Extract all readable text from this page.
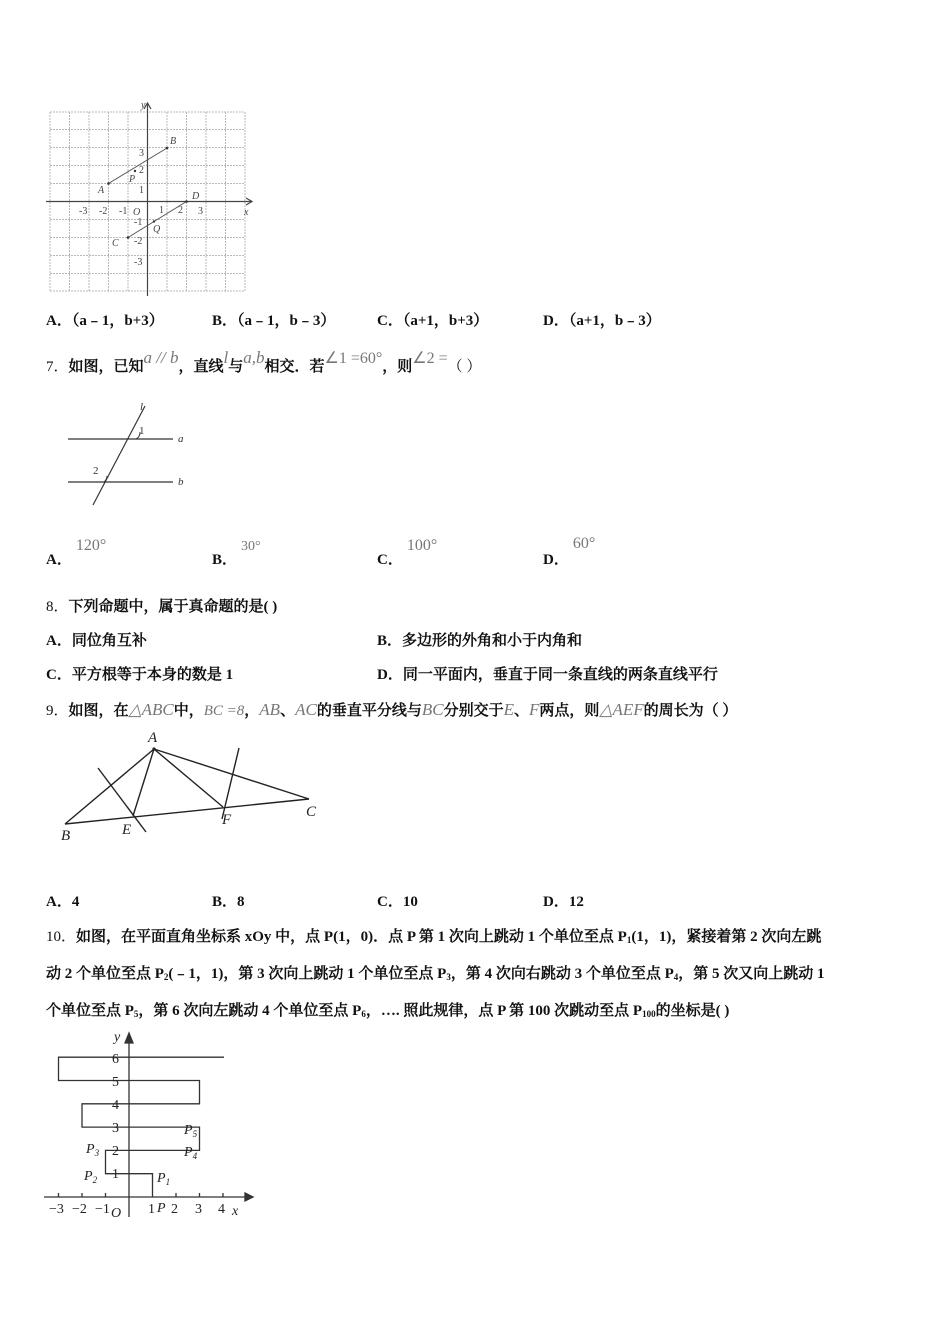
y
x
-3 -2 -1 O 1 2 3
3
2
1
-1
-2
-3
B
A
P
D
C
Q
A．（a﹣1，b+3）	B．（a﹣1，b﹣3）	C．（a+1，b+3）	D．（a+1，b﹣3）
7．如图，已知a // b，直线l与a,b相交．若∠1 =60°，则∠2 =（ ）
l
1
a
2
b
A．120°
B．30°
C．100°
D．60°
8．下列命题中，属于真命题的是( )
A．同位角互补	B．多边形的外角和小于内角和
C．平方根等于本身的数是 1	D．同一平面内，垂直于同一条直线的两条直线平行
9．如图，在△ABC中，BC =8，AB、AC的垂直平分线与BC分别交于E、F两点，则△AEF的周长为（ ）
A
B
C
E
F
A．4	B．8	C．10	D．12
10．如图，在平面直角坐标系 xOy 中，点 P(1，0)．点 P 第 1 次向上跳动 1 个单位至点 $P_1(1$，1)，紧接着第 2 次向左跳
动 2 个单位至点 $P_2(﹣1$，1)，第 3 次向上跳动 1 个单位至点 $P_3$，第 4 次向右跳动 3 个单位至点 $P_4$，第 5 次又向上跳动 1
个单位至点 $P_5$，第 6 次向左跳动 4 个单位至点 $P_6$，…. 照此规律，点 P 第 100 次跳动至点 $P_{100}$的坐标是( )
y
x
−3 −2 −1 O 1 2 3 4
P
1
2
3
4
5
6
$P_1$
$P_2$
$P_3$	$P_4$
$P_5$
